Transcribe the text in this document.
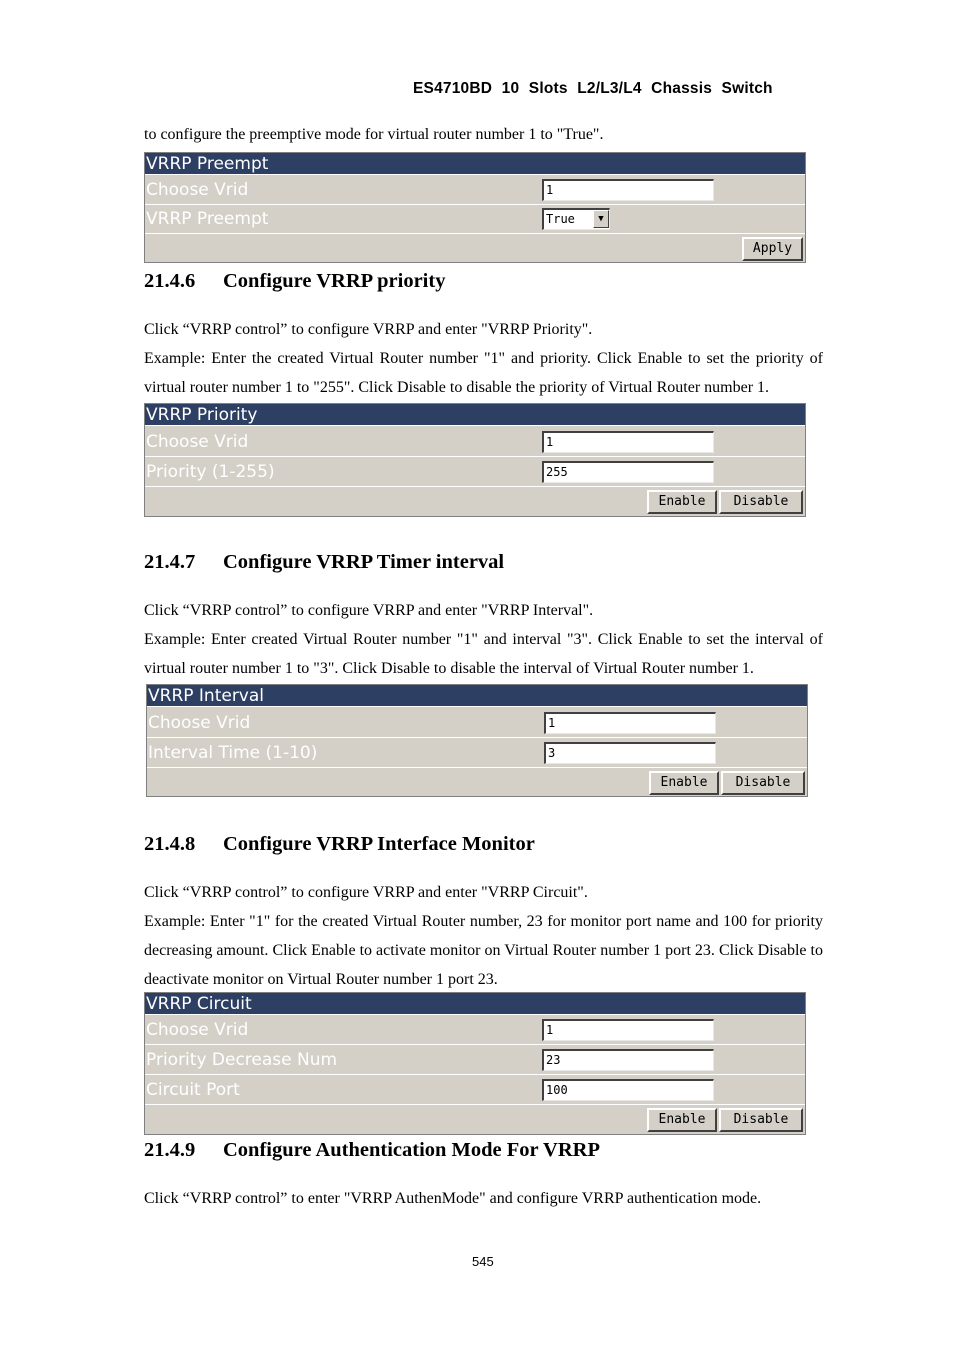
ES4710BD 10 Slots L2/L3/L4 Chassis Switch

to configure the preemptive mode for virtual router number 1 to "True".

VRRP Preempt
Choose Vrid	1
VRRP Preempt	True	▼
Apply
21.4.6 Configure VRRP priority

Click “VRRP control” to configure VRRP and enter "VRRP Priority".

Example: Enter the created Virtual Router number "1" and priority. Click Enable to set the priority of virtual router number 1 to "255". Click Disable to disable the priority of Virtual Router number 1.

VRRP Priority
Choose Vrid	1
Priority (1-255)	255
Enable	Disable
21.4.7 Configure VRRP Timer interval

Click “VRRP control” to configure VRRP and enter "VRRP Interval".

Example: Enter created Virtual Router number "1" and interval "3". Click Enable to set the interval of virtual router number 1 to "3". Click Disable to disable the interval of Virtual Router number 1.

VRRP Interval
Choose Vrid	1
Interval Time (1-10)	3
Enable	Disable
21.4.8 Configure VRRP Interface Monitor

Click “VRRP control” to configure VRRP and enter "VRRP Circuit".

Example: Enter "1" for the created Virtual Router number, 23 for monitor port name and 100 for priority decreasing amount. Click Enable to activate monitor on Virtual Router number 1 port 23. Click Disable to deactivate monitor on Virtual Router number 1 port 23.

VRRP Circuit
Choose Vrid	1
Priority Decrease Num	23
Circuit Port	100
Enable	Disable
21.4.9 Configure Authentication Mode For VRRP

Click “VRRP control” to enter "VRRP AuthenMode" and configure VRRP authentication mode.

545
